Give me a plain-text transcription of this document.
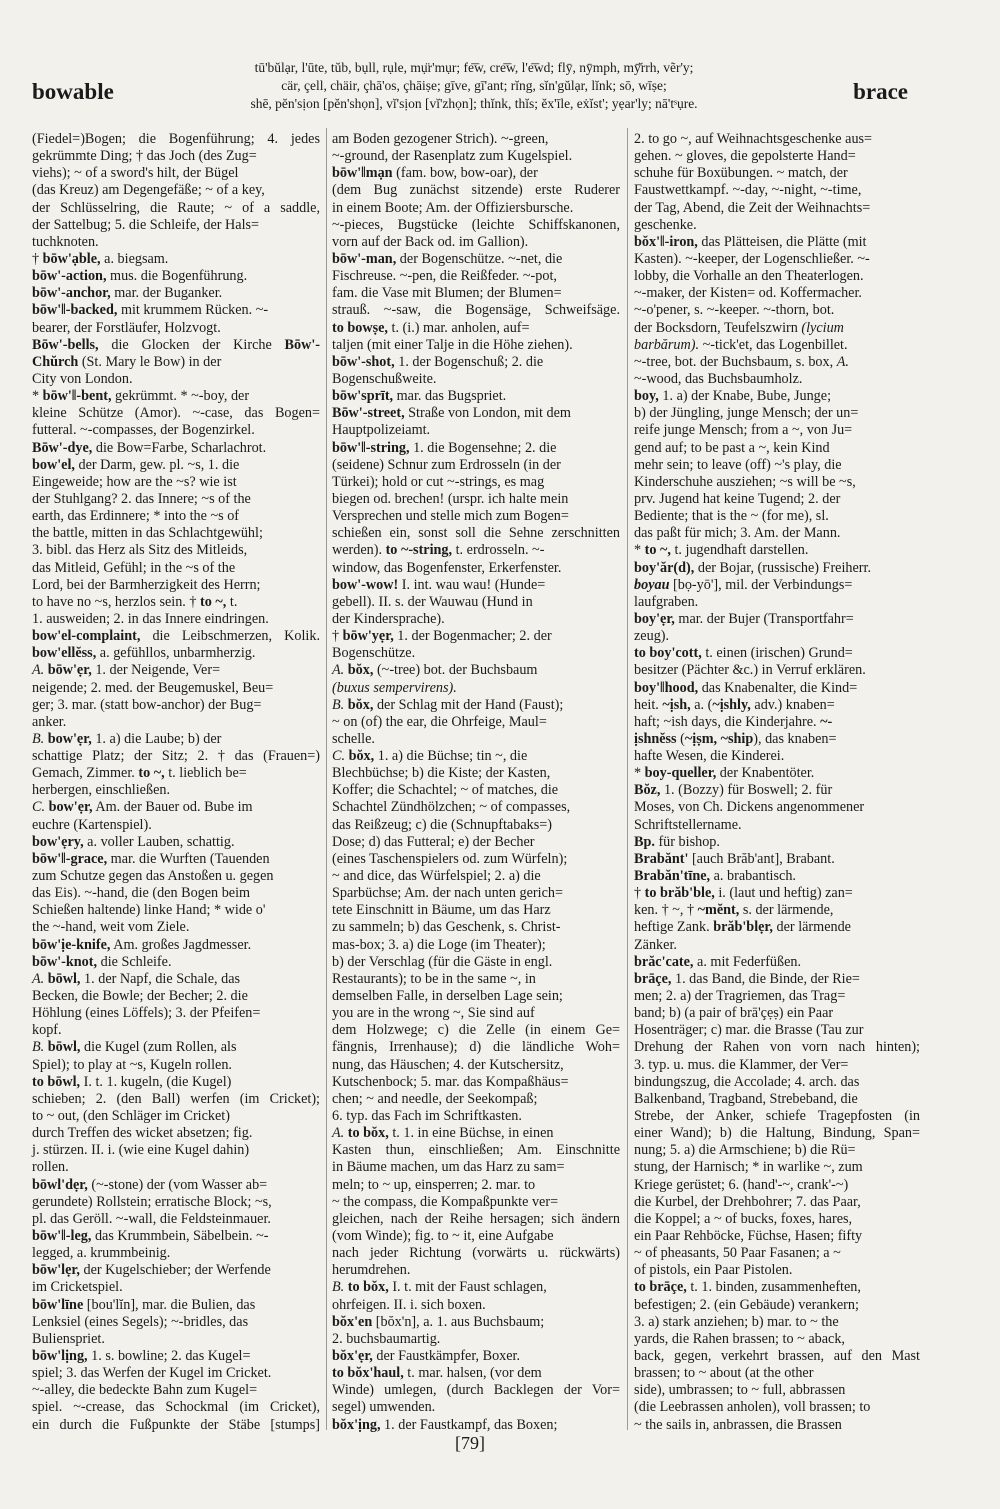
bowable
tū'bŭlạr, l'ūte, tŭb, bụll, rụle, mụ̈r'mụr; fe͞w, cre͞w, l'e͞wd; flȳ, nȳmph, mȳ̆rrh, vẽr'y;
cär, çell, chäir, çhā'os, çhāiṣe; gīve, gī'ant; rĭng, sĭn'gŭlạr, lĭnk; sō, wīṣe;
shē, pĕn'sịon [pĕn'shọn], vĭ'sịon [vĭ'zhọn]; thĭnk, thĭs; ĕx'īle, eẋĭst'; yẹar'ly; nā'tˢụre.	brace
(Fiedel=)Bogen; die Bogenführung; 4. jedes
gekrümmte Ding; † das Joch (des Zug=
viehs); ~ of a sword's hilt, der Bügel
(das Kreuz) am Degengefäße; ~ of a key,
der Schlüsselring, die Raute; ~ of a saddle,
der Sattelbug; 5. die Schleife, der Hals=
tuchknoten.
† bōw'ạble, a. biegsam.
bōw'-action, mus. die Bogenführung.
bōw'-anchor, mar. der Buganker.
bōw'‖-backed, mit krummem Rücken. ~-
bearer, der Forstläufer, Holzvogt.
Bōw'-bells, die Glocken der Kirche Bōw'-
Chŭrch (St. Mary le Bow) in der
City von London.
* bōw'‖-bent, gekrümmt. * ~-boy, der
kleine Schütze (Amor). ~-case, das Bogen=
futteral. ~-compasses, der Bogenzirkel.
Bōw'-dye, die Bow=Farbe, Scharlachrot.
bow'el, der Darm, gew. pl. ~s, 1. die
Eingeweide; how are the ~s? wie ist
der Stuhlgang? 2. das Innere; ~s of the
earth, das Erdinnere; * into the ~s of
the battle, mitten in das Schlachtgewühl;
3. bibl. das Herz als Sitz des Mitleids,
das Mitleid, Gefühl; in the ~s of the
Lord, bei der Barmherzigkeit des Herrn;
to have no ~s, herzlos sein. † to ~, t.
1. ausweiden; 2. in das Innere eindringen.
bow'el-complaint, die Leibschmerzen, Kolik.
bow'ellĕss, a. gefühllos, unbarmherzig.
A. bōw'ẹr, 1. der Neigende, Ver=
neigende; 2. med. der Beugemuskel, Beu=
ger; 3. mar. (statt bow-anchor) der Bug=
anker.
B. bow'ẹr, 1. a) die Laube; b) der
schattige Platz; der Sitz; 2. † das (Frauen=)
Gemach, Zimmer. to ~, t. lieblich be=
herbergen, einschließen.
C. bow'ẹr, Am. der Bauer od. Bube im
euchre (Kartenspiel).
bow'ẹry, a. voller Lauben, schattig.
bōw'‖-grace, mar. die Wurften (Tauenden
zum Schutze gegen das Anstoßen u. gegen
das Eis). ~-hand, die (den Bogen beim
Schießen haltende) linke Hand; * wide o'
the ~-hand, weit vom Ziele.
bōw'ịe-knife, Am. großes Jagdmesser.
bōw'-knot, die Schleife.
A. bōwl, 1. der Napf, die Schale, das
Becken, die Bowle; der Becher; 2. die
Höhlung (eines Löffels); 3. der Pfeifen=
kopf.
B. bōwl, die Kugel (zum Rollen, als
Spiel); to play at ~s, Kugeln rollen.
to bōwl, I. t. 1. kugeln, (die Kugel)
schieben; 2. (den Ball) werfen (im Cricket);
to ~ out, (den Schläger im Cricket)
durch Treffen des wicket absetzen; fig.
j. stürzen. II. i. (wie eine Kugel dahin)
rollen.
bōwl'dẹr, (~-stone) der (vom Wasser ab=
gerundete) Rollstein; erratische Block; ~s,
pl. das Geröll. ~-wall, die Feldsteinmauer.
bōw'‖-leg, das Krummbein, Säbelbein. ~-
legged, a. krummbeinig.
bōw'lẹr, der Kugelschieber; der Werfende
im Cricketspiel.
bōw'līne [bou'lĭn], mar. die Bulien, das
Lenksiel (eines Segels); ~-bridles, das
Bulienspriet.
bōw'lịng, 1. s. bowline; 2. das Kugel=
spiel; 3. das Werfen der Kugel im Cricket.
~-alley, die bedeckte Bahn zum Kugel=
spiel. ~-crease, das Schockmal (im Cricket),
ein durch die Fußpunkte der Stäbe [stumps]
am Boden gezogener Strich). ~-green,
~-ground, der Rasenplatz zum Kugelspiel.
bōw'‖mạn (fam. bow, bow-oar), der
(dem Bug zunächst sitzende) erste Ruderer
in einem Boote; Am. der Offiziersbursche.
~-pieces, Bugstücke (leichte Schiffskanonen,
vorn auf der Back od. im Gallion).
bōw'-man, der Bogenschütze. ~-net, die
Fischreuse. ~-pen, die Reißfeder. ~-pot,
fam. die Vase mit Blumen; der Blumen=
strauß. ~-saw, die Bogensäge, Schweifsäge.
to bowṣe, t. (i.) mar. anholen, auf=
taljen (mit einer Talje in die Höhe ziehen).
bōw'-shot, 1. der Bogenschuß; 2. die
Bogenschußweite.
bōw'sprīt, mar. das Bugspriet.
Bōw'-street, Straße von London, mit dem
Hauptpolizeiamt.
bōw'‖-string, 1. die Bogensehne; 2. die
(seidene) Schnur zum Erdrosseln (in der
Türkei); hold or cut ~-strings, es mag
biegen od. brechen! (urspr. ich halte mein
Versprechen und stelle mich zum Bogen=
schießen ein, sonst soll die Sehne zerschnitten
werden). to ~-string, t. erdrosseln. ~-
window, das Bogenfenster, Erkerfenster.
bow'-wow! I. int. wau wau! (Hunde=
gebell). II. s. der Wauwau (Hund in
der Kindersprache).
† bōw'yẹr, 1. der Bogenmacher; 2. der
Bogenschütze.
A. bŏx, (~-tree) bot. der Buchsbaum
(buxus sempervirens).
B. bŏx, der Schlag mit der Hand (Faust);
~ on (of) the ear, die Ohrfeige, Maul=
schelle.
C. bŏx, 1. a) die Büchse; tin ~, die
Blechbüchse; b) die Kiste; der Kasten,
Koffer; die Schachtel; ~ of matches, die
Schachtel Zündhölzchen; ~ of compasses,
das Reißzeug; c) die (Schnupftabaks=)
Dose; d) das Futteral; e) der Becher
(eines Taschenspielers od. zum Würfeln);
~ and dice, das Würfelspiel; 2. a) die
Sparbüchse; Am. der nach unten gerich=
tete Einschnitt in Bäume, um das Harz
zu sammeln; b) das Geschenk, s. Christ-
mas-box; 3. a) die Loge (im Theater);
b) der Verschlag (für die Gäste in engl.
Restaurants); to be in the same ~, in
demselben Falle, in derselben Lage sein;
you are in the wrong ~, Sie sind auf
dem Holzwege; c) die Zelle (in einem Ge=
fängnis, Irrenhause); d) die ländliche Woh=
nung, das Häuschen; 4. der Kutschersitz,
Kutschenbock; 5. mar. das Kompaßhäus=
chen; ~ and needle, der Seekompaß;
6. typ. das Fach im Schriftkasten.
A. to bŏx, t. 1. in eine Büchse, in einen
Kasten thun, einschließen; Am. Einschnitte
in Bäume machen, um das Harz zu sam=
meln; to ~ up, einsperren; 2. mar. to
~ the compass, die Kompaßpunkte ver=
gleichen, nach der Reihe hersagen; sich ändern
(vom Winde); fig. to ~ it, eine Aufgabe
nach jeder Richtung (vorwärts u. rückwärts)
herumdrehen.
B. to bŏx, I. t. mit der Faust schlagen,
ohrfeigen. II. i. sich boxen.
bŏx'en [bŏx'n], a. 1. aus Buchsbaum;
2. buchsbaumartig.
bŏx'ẹr, der Faustkämpfer, Boxer.
to bŏx'haul, t. mar. halsen, (vor dem
Winde) umlegen, (durch Backlegen der Vor=
segel) umwenden.
bŏx'ịng, 1. der Faustkampf, das Boxen;
2. to go ~, auf Weihnachtsgeschenke aus=
gehen. ~ gloves, die gepolsterte Hand=
schuhe für Boxübungen. ~ match, der
Faustwettkampf. ~-day, ~-night, ~-time,
der Tag, Abend, die Zeit der Weihnachts=
geschenke.
bŏx'‖-iron, das Plätteisen, die Plätte (mit
Kasten). ~-keeper, der Logenschließer. ~-
lobby, die Vorhalle an den Theaterlogen.
~-maker, der Kisten= od. Koffermacher.
~-o'pener, s. ~-keeper. ~-thorn, bot.
der Bocksdorn, Teufelszwirn (lycium
barbărum). ~-tick'et, das Logenbillet.
~-tree, bot. der Buchsbaum, s. box, A.
~-wood, das Buchsbaumholz.
boy, 1. a) der Knabe, Bube, Junge;
b) der Jüngling, junge Mensch; der un=
reife junge Mensch; from a ~, von Ju=
gend auf; to be past a ~, kein Kind
mehr sein; to leave (off) ~'s play, die
Kinderschuhe ausziehen; ~s will be ~s,
prv. Jugend hat keine Tugend; 2. der
Bediente; that is the ~ (for me), sl.
das paßt für mich; 3. Am. der Mann.
* to ~, t. jugendhaft darstellen.
boy'ăr(d), der Bojar, (russische) Freiherr.
boyau [bọ-yō'], mil. der Verbindungs=
laufgraben.
boy'ẹr, mar. der Bujer (Transportfahr=
zeug).
to boy'cott, t. einen (irischen) Grund=
besitzer (Pächter &c.) in Verruf erklären.
boy'‖hood, das Knabenalter, die Kind=
heit. ~ịsh, a. (~ịshly, adv.) knaben=
haft; ~ish days, die Kinderjahre. ~-
ịshnĕss (~ịṣm, ~ship), das knaben=
hafte Wesen, die Kinderei.
* boy-queller, der Knabentöter.
Bŏz, 1. (Bozzy) für Boswell; 2. für
Moses, von Ch. Dickens angenommener
Schriftstellername.
Bp. für bishop.
Brabănt' [auch Brăb'ant], Brabant.
Brabăn'tīne, a. brabantisch.
† to brăb'ble, i. (laut und heftig) zan=
ken. † ~, † ~mĕnt, s. der lärmende,
heftige Zank. brăb'blẹr, der lärmende
Zänker.
brăc'cate, a. mit Federfüßen.
brāçe, 1. das Band, die Binde, der Rie=
men; 2. a) der Tragriemen, das Trag=
band; b) (a pair of brā'çẹṣ) ein Paar
Hosenträger; c) mar. die Brasse (Tau zur
Drehung der Rahen von vorn nach hinten);
3. typ. u. mus. die Klammer, der Ver=
bindungszug, die Accolade; 4. arch. das
Balkenband, Tragband, Strebeband, die
Strebe, der Anker, schiefe Tragepfosten (in
einer Wand); b) die Haltung, Bindung, Span=
nung; 5. a) die Armschiene; b) die Rü=
stung, der Harnisch; * in warlike ~, zum
Kriege gerüstet; 6. (hand'-~, crank'-~)
die Kurbel, der Drehbohrer; 7. das Paar,
die Koppel; a ~ of bucks, foxes, hares,
ein Paar Rehböcke, Füchse, Hasen; fifty
~ of pheasants, 50 Paar Fasanen; a ~
of pistols, ein Paar Pistolen.
to brāçe, t. 1. binden, zusammenheften,
befestigen; 2. (ein Gebäude) verankern;
3. a) stark anziehen; b) mar. to ~ the
yards, die Rahen brassen; to ~ aback,
back, gegen, verkehrt brassen, auf den Mast
brassen; to ~ about (at the other
side), umbrassen; to ~ full, abbrassen
(die Leebrassen anholen), voll brassen; to
~ the sails in, anbrassen, die Brassen
[79]
